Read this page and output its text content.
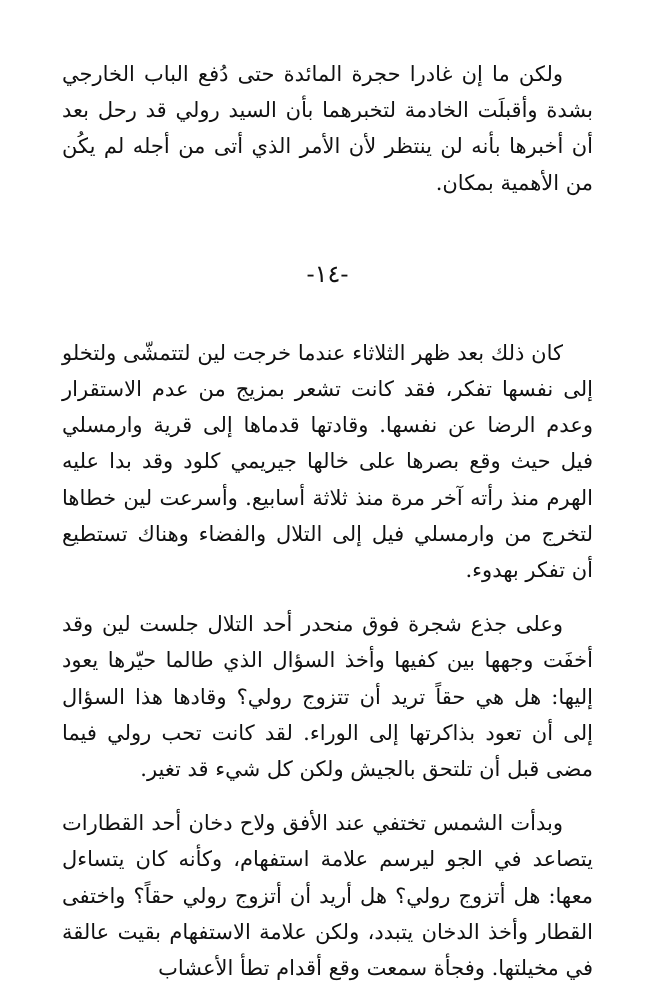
ولكن ما إن غادرا حجرة المائدة حتى دُفع الباب الخارجي بشدة وأقبلَت الخادمة لتخبرهما بأن السيد رولي قد رحل بعد أن أخبرها بأنه لن ينتظر لأن الأمر الذي أتى من أجله لم يكُن من الأهمية بمكان.

-١٤-

كان ذلك بعد ظهر الثلاثاء عندما خرجت لين لتتمشّى ولتخلو إلى نفسها تفكر، فقد كانت تشعر بمزيج من عدم الاستقرار وعدم الرضا عن نفسها. وقادتها قدماها إلى قرية وارمسلي فيل حيث وقع بصرها على خالها جيريمي كلود وقد بدا عليه الهرم منذ رأته آخر مرة منذ ثلاثة أسابيع. وأسرعت لين خطاها لتخرج من وارمسلي فيل إلى التلال والفضاء وهناك تستطيع أن تفكر بهدوء.

وعلى جذع شجرة فوق منحدر أحد التلال جلست لين وقد أخفَت وجهها بين كفيها وأخذ السؤال الذي طالما حيّرها يعود إليها: هل هي حقاً تريد أن تتزوج رولي؟ وقادها هذا السؤال إلى أن تعود بذاكرتها إلى الوراء. لقد كانت تحب رولي فيما مضى قبل أن تلتحق بالجيش ولكن كل شيء قد تغير.

وبدأت الشمس تختفي عند الأفق ولاح دخان أحد القطارات يتصاعد في الجو ليرسم علامة استفهام، وكأنه كان يتساءل معها: هل أتزوج رولي؟ هل أريد أن أتزوج رولي حقاً؟ واختفى القطار وأخذ الدخان يتبدد، ولكن علامة الاستفهام بقيت عالقة في مخيلتها. وفجأة سمعت وقع أقدام تطأ الأعشاب
